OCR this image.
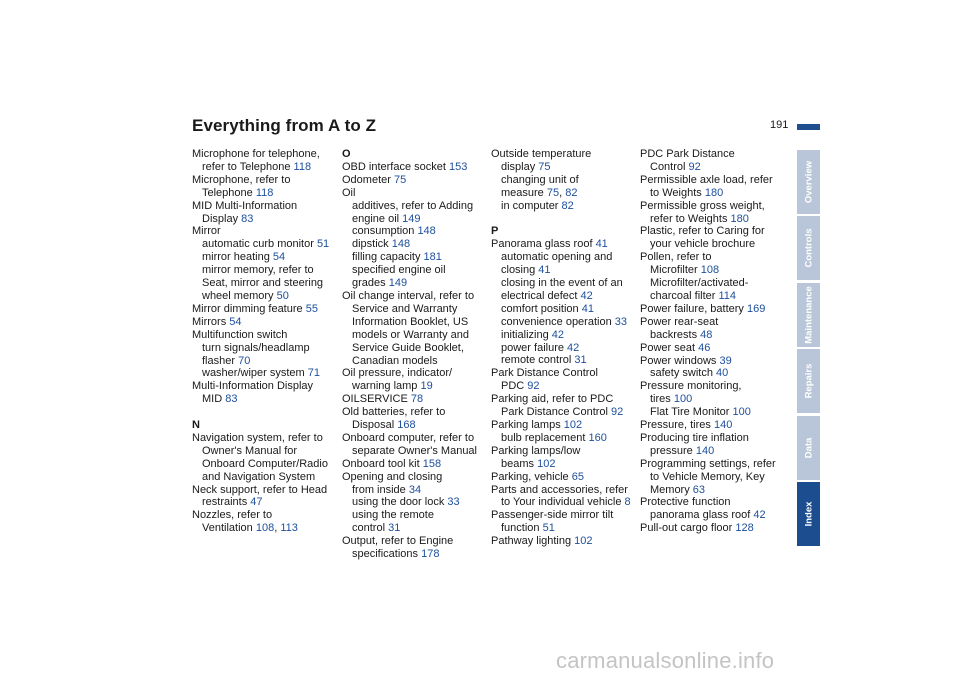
Everything from A to Z	191
Microphone for telephone,
refer to Telephone 118
Microphone, refer to
Telephone 118
MID Multi-Information
Display 83
Mirror
automatic curb monitor 51
mirror heating 54
mirror memory, refer to
Seat, mirror and steering
wheel memory 50
Mirror dimming feature 55
Mirrors 54
Multifunction switch
turn signals/headlamp
flasher 70
washer/wiper system 71
Multi-Information Display
MID 83
N
Navigation system, refer to
Owner's Manual for
Onboard Computer/Radio
and Navigation System
Neck support, refer to Head
restraints 47
Nozzles, refer to
Ventilation 108, 113
O
OBD interface socket 153
Odometer 75
Oil
additives, refer to Adding
engine oil 149
consumption 148
dipstick 148
filling capacity 181
specified engine oil
grades 149
Oil change interval, refer to
Service and Warranty
Information Booklet, US
models or Warranty and
Service Guide Booklet,
Canadian models
Oil pressure, indicator/
warning lamp 19
OILSERVICE 78
Old batteries, refer to
Disposal 168
Onboard computer, refer to
separate Owner's Manual
Onboard tool kit 158
Opening and closing
from inside 34
using the door lock 33
using the remote
control 31
Output, refer to Engine
specifications 178
Outside temperature
display 75
changing unit of
measure 75, 82
in computer 82
P
Panorama glass roof 41
automatic opening and
closing 41
closing in the event of an
electrical defect 42
comfort position 41
convenience operation 33
initializing 42
power failure 42
remote control 31
Park Distance Control
PDC 92
Parking aid, refer to PDC
Park Distance Control 92
Parking lamps 102
bulb replacement 160
Parking lamps/low
beams 102
Parking, vehicle 65
Parts and accessories, refer
to Your individual vehicle 8
Passenger-side mirror tilt
function 51
Pathway lighting 102
PDC Park Distance
Control 92
Permissible axle load, refer
to Weights 180
Permissible gross weight,
refer to Weights 180
Plastic, refer to Caring for
your vehicle brochure
Pollen, refer to
Microfilter 108
Microfilter/activated-
charcoal filter 114
Power failure, battery 169
Power rear-seat
backrests 48
Power seat 46
Power windows 39
safety switch 40
Pressure monitoring,
tires 100
Flat Tire Monitor 100
Pressure, tires 140
Producing tire inflation
pressure 140
Programming settings, refer
to Vehicle Memory, Key
Memory 63
Protective function
panorama glass roof 42
Pull-out cargo floor 128
Overview
Controls
Maintenance
Repairs
Data
Index
carmanualsonline.info
